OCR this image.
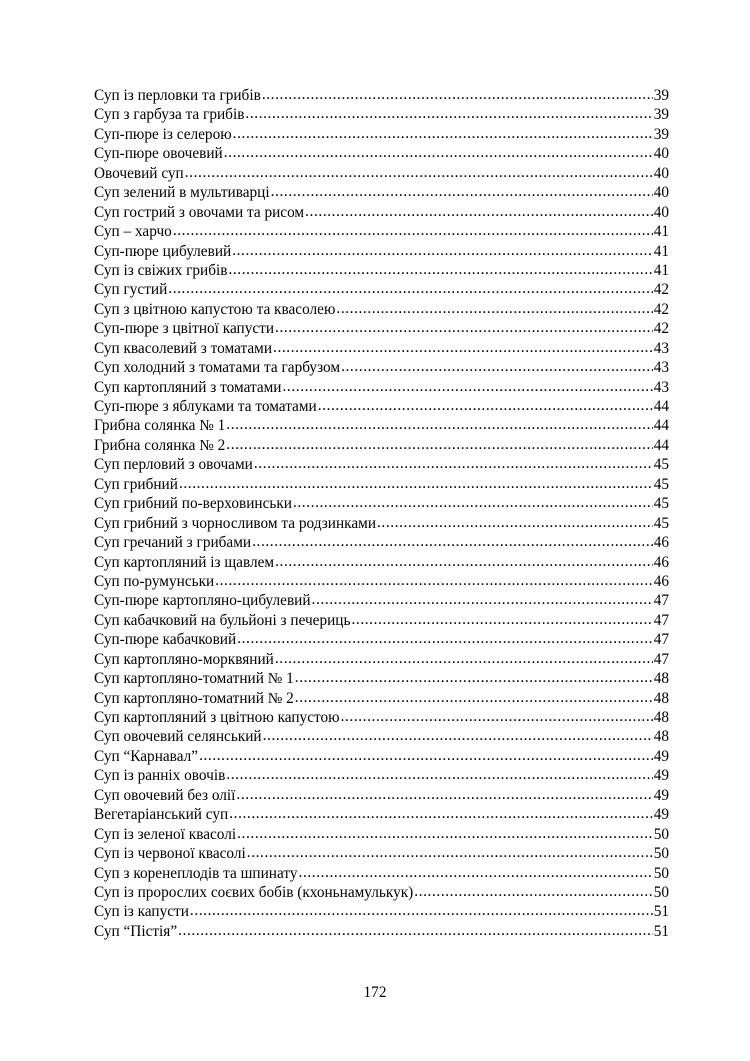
Суп із перловки та грибів .....	39
Суп з гарбуза та грибів .....	39
Суп-пюре із селерою .....	39
Суп-пюре овочевий .....	40
Овочевий суп .....	40
Суп зелений в мультиварці .....	40
Суп гострий з овочами та рисом .....	40
Суп – харчо .....	41
Суп-пюре цибулевий .....	41
Суп із свіжих грибів .....	41
Суп густий .....	42
Суп з цвітною капустою та квасолею .....	42
Суп-пюре з цвітної капусти .....	42
Суп квасолевий з томатами .....	43
Суп холодний з томатами та гарбузом .....	43
Суп картопляний з томатами .....	43
Суп-пюре з яблуками та томатами .....	44
Грибна солянка № 1 .....	44
Грибна солянка № 2 .....	44
Суп перловий з овочами .....	45
Суп грибний .....	45
Суп грибний по-верховинськи .....	45
Суп грибний з чорносливом та родзинками .....	45
Суп гречаний з грибами .....	46
Суп картопляний із щавлем .....	46
Суп по-румунськи .....	46
Суп-пюре картопляно-цибулевий .....	47
Суп кабачковий на бульйоні з печериць .....	47
Суп-пюре кабачковий .....	47
Суп картопляно-морквяний .....	47
Суп картопляно-томатний № 1 .....	48
Суп картопляно-томатний № 2 .....	48
Суп картопляний з цвітною капустою .....	48
Суп овочевий селянський .....	48
Суп “Карнавал” .....	49
Суп із ранніх овочів .....	49
Суп овочевий без олії .....	49
Вегетаріанський суп .....	49
Суп із зеленої квасолі .....	50
Суп із червоної квасолі .....	50
Суп з коренеплодів та шпинату .....	50
Суп із пророслих соєвих бобів (кхоньнамулькук) .....	50
Суп із капусти .....	51
Суп “Пістія” .....	51
172
